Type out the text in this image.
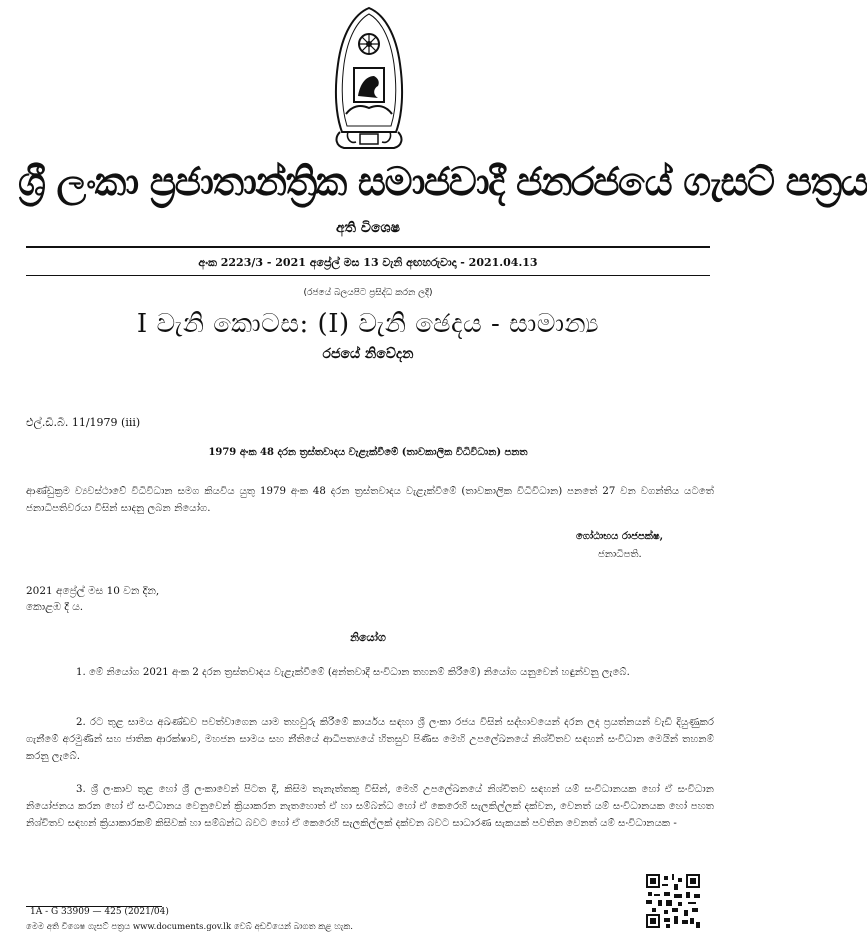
ශ්‍රී ලංකා ප්‍රජාතාන්ත්‍රික සමාජවාදී ජනරජයේ ගැසට් පත්‍රය
අති විශෙෂ
අංක 2223/3 - 2021 අප්‍රේල් මස 13 වැනි අඟහරුවාදා - 2021.04.13
(රජයේ බලයපිට ප්‍රසිද්ධ කරන ලදී)
I වැනි කොටස: (I) වැනි ඡෙදය - සාමාන්‍ය
රජයේ නිවේදන
එල්.ඩී.බී. 11/1979 (iii)
1979 අංක 48 දරන ත්‍රස්තවාදය වැළැක්වීමේ (තාවකාලික විධිවිධාන) පනත
ආණ්ඩුක්‍රම ව්‍යවස්ථාවේ විධිවිධාන සමග කියවිය යුතු 1979 අංක 48 දරන ත්‍රස්තවාදය වැළැක්වීමේ (තාවකාලික විධිවිධාන) පනතේ 27 වන වගන්තිය යටතේ ජනාධිපතිවරයා විසින් සාදනු ලබන නියෝග.
ගෝඨාභය රාජපක්ෂ,
ජනාධිපති.
2021 අප්‍රේල් මස 10 වන දින,
කොළඹ දී ය.
නියෝග
1. මේ නියෝග 2021 අංක 2 දරන ත්‍රස්තවාදය වැළැක්වීමේ (අන්තවාදී සංවිධාන තහනම් කිරීමේ) නියෝග යනුවෙන් හඳුන්වනු ලැබේ.
2. රට තුළ සාමය අඛණ්ඩව පවත්වාගෙන යාම තහවුරු කිරීමේ කාර්යය සඳහා ශ්‍රී ලංකා රජය විසින් සද්භාවයෙන් දරන ලද ප්‍රයත්නයන් වැඩි දියුණුකර ගැනීමේ අරමුණින් සහ ජාතික ආරක්ෂාව, මහජන සාමය සහ නීතියේ ආධිපත්‍යයේ හිතසුව පිණිස මෙහි උපලේඛනයේ නිශ්චිතව සඳහන් සංවිධාන මෙයින් තහනම් කරනු ලැබේ.
3. ශ්‍රී ලංකාව තුළ හෝ ශ්‍රී ලංකාවෙන් පිටත දී, කිසිම තැනැත්තකු විසින්, මෙහි උපලේඛනයේ නිශ්චිතව සඳහන් යම් සංවිධානයක හෝ ඒ සංවිධාන නියෝජනය කරන හෝ ඒ සංවිධානය වෙනුවෙන් ක්‍රියාකරන නැතහොත් ඒ හා සම්බන්ධ හෝ ඒ කෙරෙහි සැලකිල්ලක් දක්වන, වෙනත් යම් සංවිධානයක හෝ පහත නිශ්චිතව සඳහන් ක්‍රියාකාරකම් කිසිවක් හා සම්බන්ධ බවට හෝ ඒ කෙරෙහි සැලකිල්ලක් දක්වන බවට සාධාරණ සැකයක් පවතින වෙනත් යම් සංවිධානයක -
1A - G 33909 — 425 (2021/04)
මෙම අති විශෙෂ ගැසට් පත්‍රය www.documents.gov.lk වෙබ් අඩවියෙන් බාගත කළ හැක.
